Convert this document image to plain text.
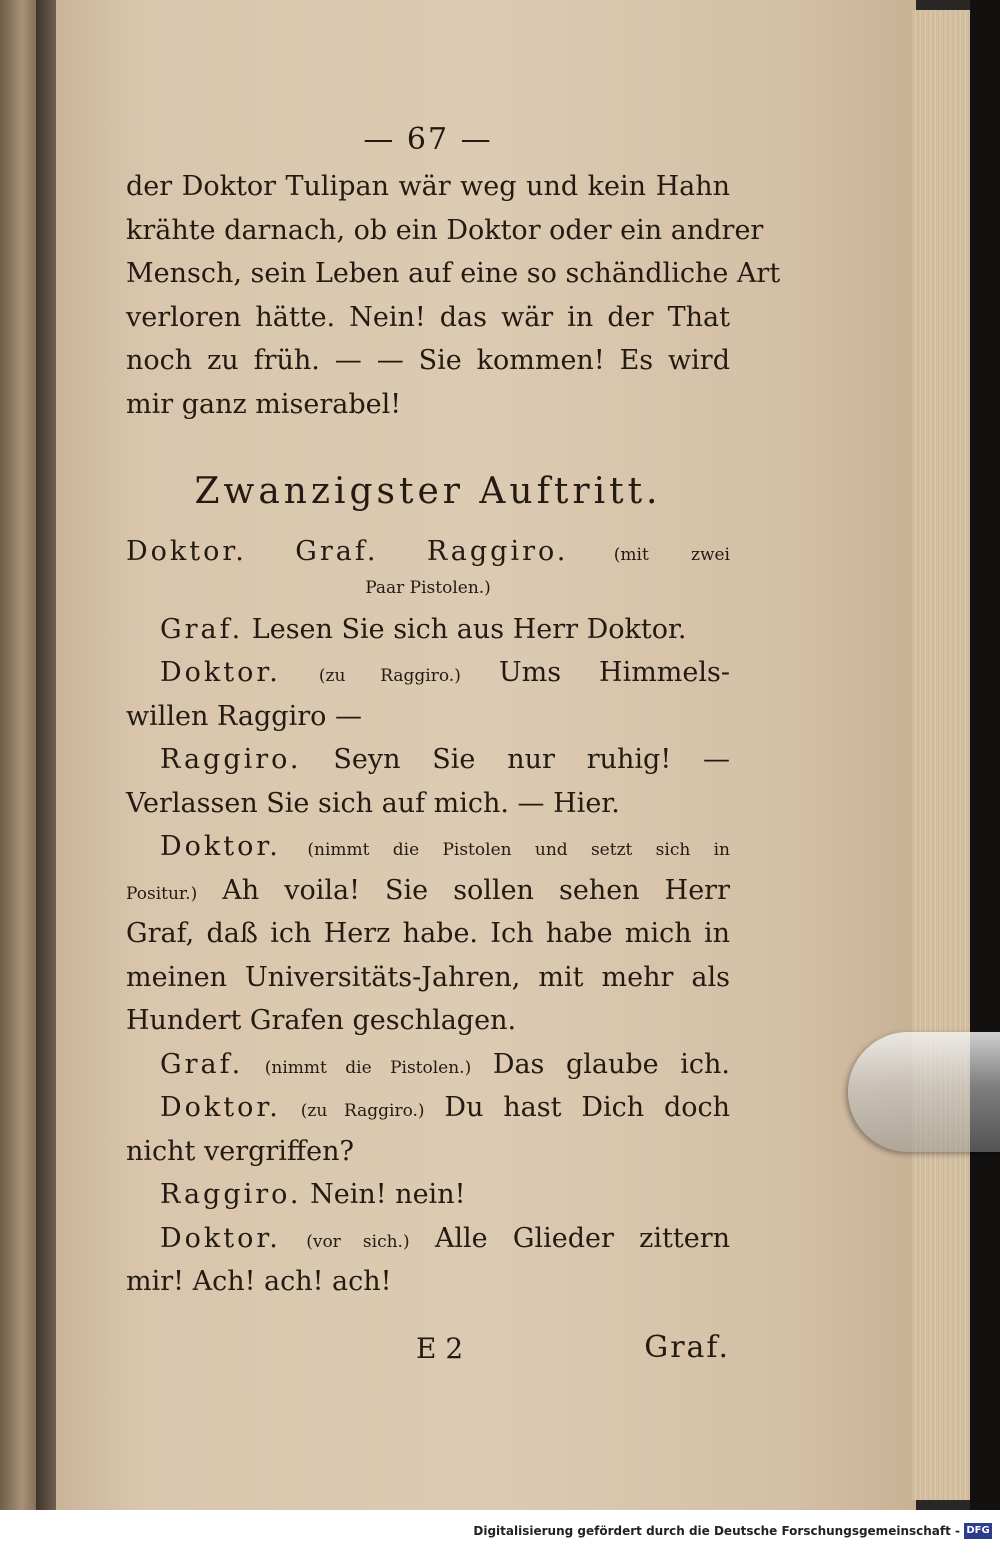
— 67 —
der Doktor Tulipan wär weg und kein Hahn
krähte darnach, ob ein Doktor oder ein andrer
Mensch, sein Leben auf eine so schändliche Art
verloren hätte. Nein! das wär in der That
noch zu früh. — — Sie kommen! Es wird
mir ganz miserabel!
Zwanzigster Auftritt.
Doktor. Graf. Raggiro.	(mit zwei
Paar Pistolen.)
Graf. Lesen Sie sich aus Herr Doktor.
Doktor. (zu Raggiro.) Ums Himmels-
willen Raggiro —
Raggiro. Seyn Sie nur ruhig! —
Verlassen Sie sich auf mich. — Hier.
Doktor. (nimmt die Pistolen und setzt sich in
Positur.) Ah voila! Sie sollen sehen Herr
Graf, daß ich Herz habe. Ich habe mich in
meinen Universitäts-Jahren, mit mehr als
Hundert Grafen geschlagen.
Graf. (nimmt die Pistolen.) Das glaube ich.
Doktor. (zu Raggiro.) Du hast Dich doch
nicht vergriffen?
Raggiro. Nein! nein!
Doktor. (vor sich.) Alle Glieder zittern
mir! Ach! ach! ach!
E 2	Graf.
Digitalisierung gefördert durch die Deutsche Forschungsgemeinschaft - DFG
